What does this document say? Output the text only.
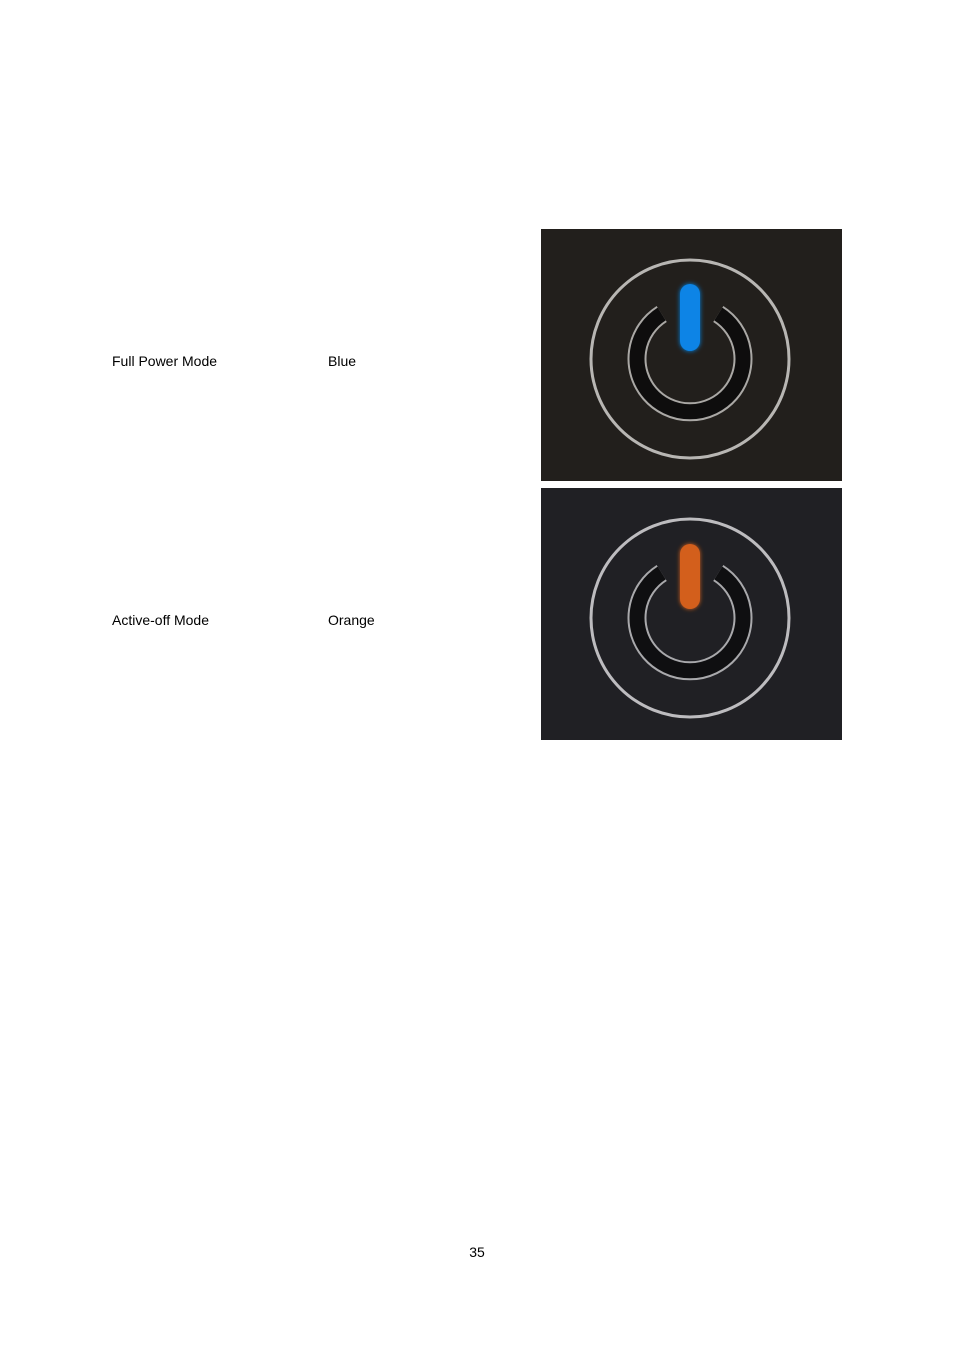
Full Power Mode	Blue
Active-off Mode	Orange
35
